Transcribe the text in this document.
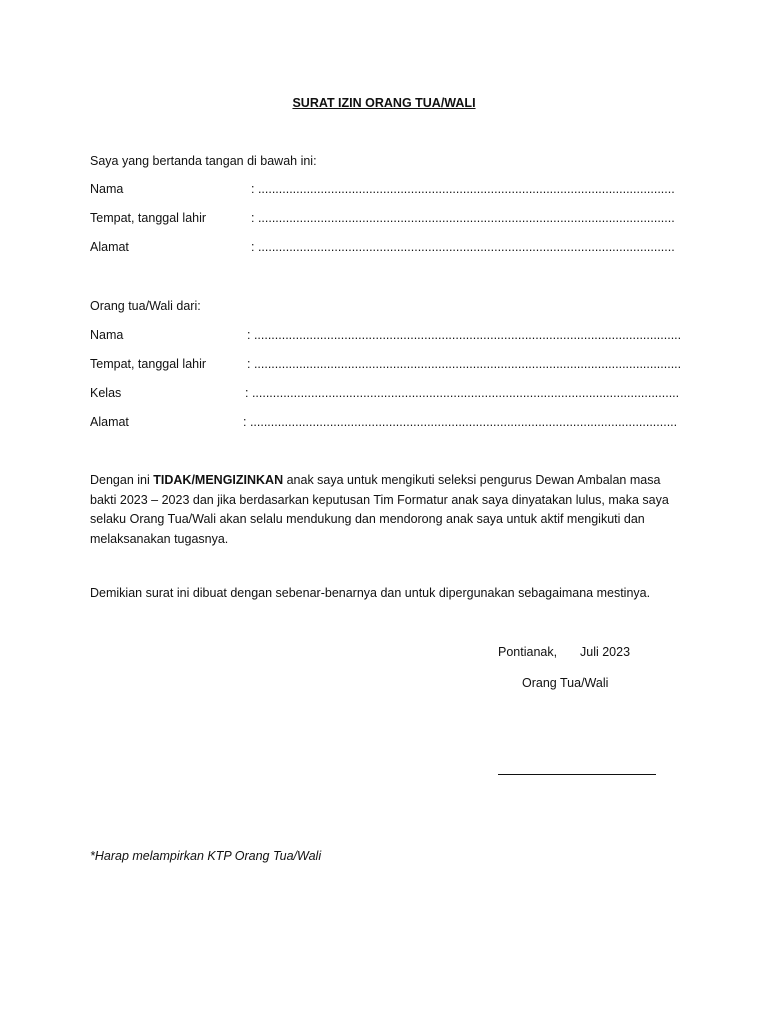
SURAT IZIN ORANG TUA/WALI
Saya yang bertanda tangan di bawah ini:
Nama	: ........................................................................................................................
Tempat, tanggal lahir	: ........................................................................................................................
Alamat	: ........................................................................................................................
Orang tua/Wali dari:
Nama	: ...........................................................................................................................
Tempat, tanggal lahir	: ...........................................................................................................................
Kelas	: ...........................................................................................................................
Alamat	: ...........................................................................................................................
Dengan ini TIDAK/MENGIZINKAN anak saya untuk mengikuti seleksi pengurus Dewan Ambalan masa bakti 2023 – 2023 dan jika berdasarkan keputusan Tim Formatur anak saya dinyatakan lulus, maka saya selaku Orang Tua/Wali akan selalu mendukung dan mendorong anak saya untuk aktif mengikuti dan melaksanakan tugasnya.
Demikian surat ini dibuat dengan sebenar-benarnya dan untuk dipergunakan sebagaimana mestinya.
Pontianak, Juli 2023
Orang Tua/Wali
*Harap melampirkan KTP Orang Tua/Wali
